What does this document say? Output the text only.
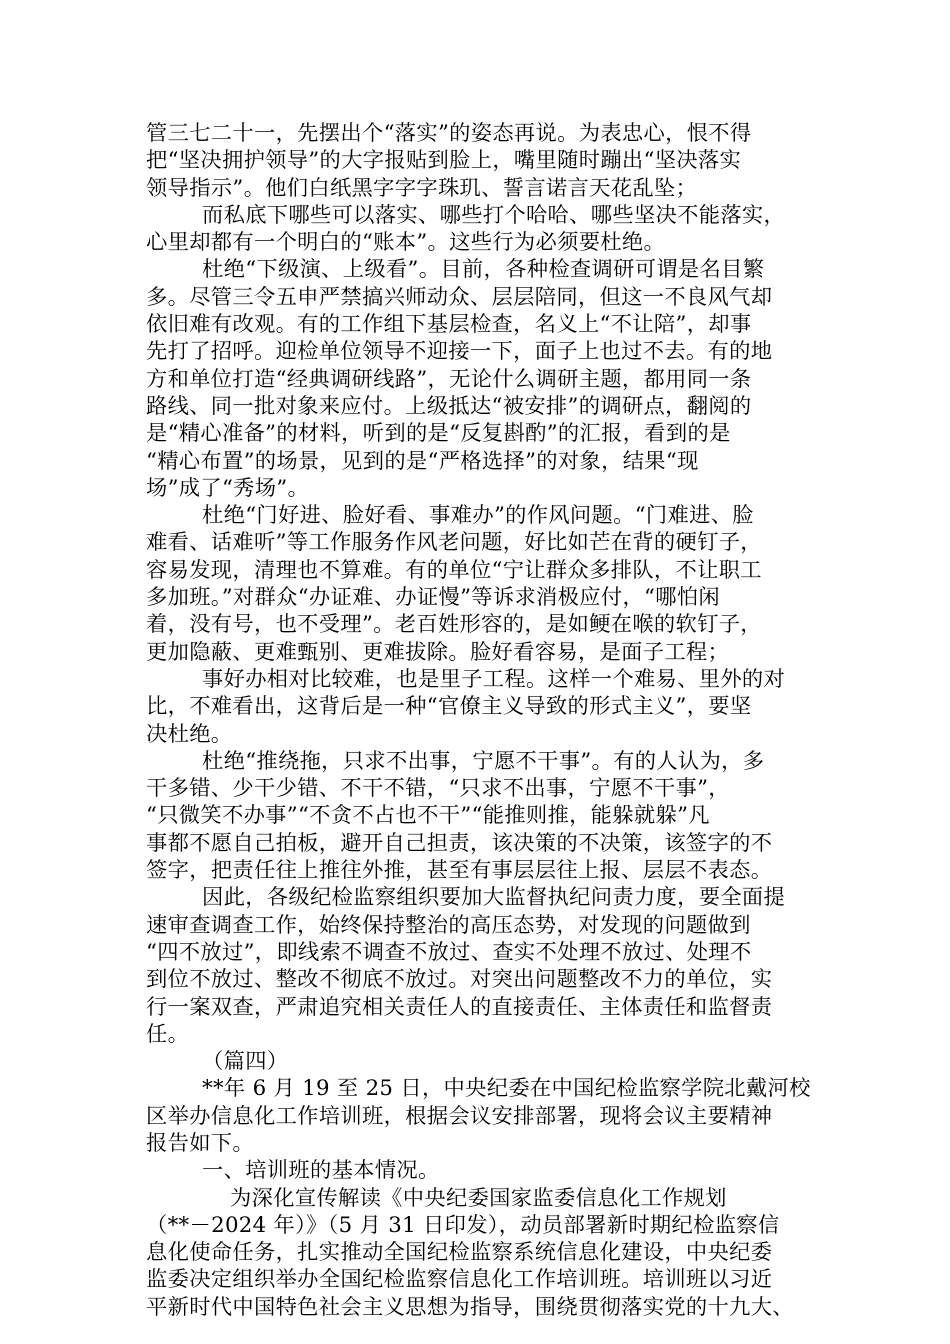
管三七二十一，先摆出个“落实”的姿态再说。为表忠心，恨不得
把“坚决拥护领导”的大字报贴到脸上，嘴里随时蹦出“坚决落实
领导指示”。他们白纸黑字字字珠玑、誓言诺言天花乱坠；
而私底下哪些可以落实、哪些打个哈哈、哪些坚决不能落实，
心里却都有一个明白的“账本”。这些行为必须要杜绝。
杜绝“下级演、上级看”。目前，各种检查调研可谓是名目繁
多。尽管三令五申严禁搞兴师动众、层层陪同，但这一不良风气却
依旧难有改观。有的工作组下基层检查，名义上“不让陪”，却事
先打了招呼。迎检单位领导不迎接一下，面子上也过不去。有的地
方和单位打造“经典调研线路”，无论什么调研主题，都用同一条
路线、同一批对象来应付。上级抵达“被安排”的调研点，翻阅的
是“精心准备”的材料，听到的是“反复斟酌”的汇报，看到的是
“精心布置”的场景，见到的是“严格选择”的对象，结果“现
场”成了“秀场”。
杜绝“门好进、脸好看、事难办”的作风问题。“门难进、脸
难看、话难听”等工作服务作风老问题，好比如芒在背的硬钉子，
容易发现，清理也不算难。有的单位“宁让群众多排队，不让职工
多加班。”对群众“办证难、办证慢”等诉求消极应付，“哪怕闲
着，没有号，也不受理”。老百姓形容的，是如鲠在喉的软钉子，
更加隐蔽、更难甄别、更难拔除。脸好看容易，是面子工程；
事好办相对比较难，也是里子工程。这样一个难易、里外的对
比，不难看出，这背后是一种“官僚主义导致的形式主义”，要坚
决杜绝。
杜绝“推绕拖，只求不出事，宁愿不干事”。有的人认为，多
干多错、少干少错、不干不错，“只求不出事，宁愿不干事”，
“只微笑不办事”“不贪不占也不干”“能推则推，能躲就躲”凡
事都不愿自己拍板，避开自己担责，该决策的不决策，该签字的不
签字，把责任往上推往外推，甚至有事层层往上报、层层不表态。
因此，各级纪检监察组织要加大监督执纪问责力度，要全面提
速审查调查工作，始终保持整治的高压态势，对发现的问题做到
“四不放过”，即线索不调查不放过、查实不处理不放过、处理不
到位不放过、整改不彻底不放过。对突出问题整改不力的单位，实
行一案双查，严肃追究相关责任人的直接责任、主体责任和监督责
任。
（篇四）
**年 6 月 19 至 25 日，中央纪委在中国纪检监察学院北戴河校
区举办信息化工作培训班，根据会议安排部署，现将会议主要精神
报告如下。
一、培训班的基本情况。
为深化宣传解读《中央纪委国家监委信息化工作规划
（**－2024 年）》（5 月 31 日印发），动员部署新时期纪检监察信
息化使命任务，扎实推动全国纪检监察系统信息化建设，中央纪委
监委决定组织举办全国纪检监察信息化工作培训班。培训班以习近
平新时代中国特色社会主义思想为指导，围绕贯彻落实党的十九大、
